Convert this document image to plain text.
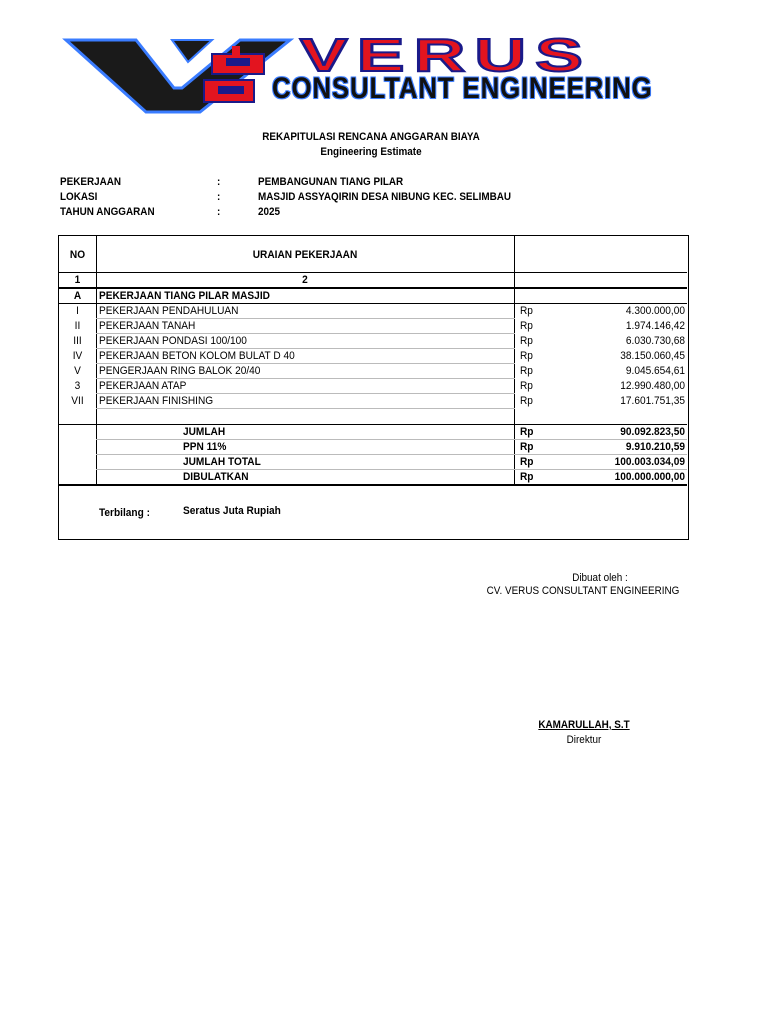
VERUS
CONSULTANT ENGINEERING
REKAPITULASI RENCANA ANGGARAN BIAYA
Engineering Estimate
PEKERJAAN	:	PEMBANGUNAN TIANG PILAR
LOKASI	:	MASJID ASSYAQIRIN DESA NIBUNG KEC. SELIMBAU
TAHUN ANGGARAN	:	2025
NO	URAIAN PEKERJAAN
1	2
A	PEKERJAAN TIANG PILAR MASJID
I	PEKERJAAN PENDAHULUAN	Rp	4.300.000,00
II	PEKERJAAN TANAH	Rp	1.974.146,42
III	PEKERJAAN PONDASI 100/100	Rp	6.030.730,68
IV	PEKERJAAN BETON KOLOM BULAT D 40	Rp	38.150.060,45
V	PENGERJAAN RING BALOK 20/40	Rp	9.045.654,61
3	PEKERJAAN ATAP	Rp	12.990.480,00
VII	PEKERJAAN FINISHING	Rp	17.601.751,35
JUMLAH	Rp	90.092.823,50
PPN 11%	Rp	9.910.210,59
JUMLAH TOTAL	Rp	100.003.034,09
DIBULATKAN	Rp	100.000.000,00
Terbilang :	Seratus Juta Rupiah
Dibuat oleh :
CV. VERUS CONSULTANT ENGINEERING
KAMARULLAH, S.T
Direktur
